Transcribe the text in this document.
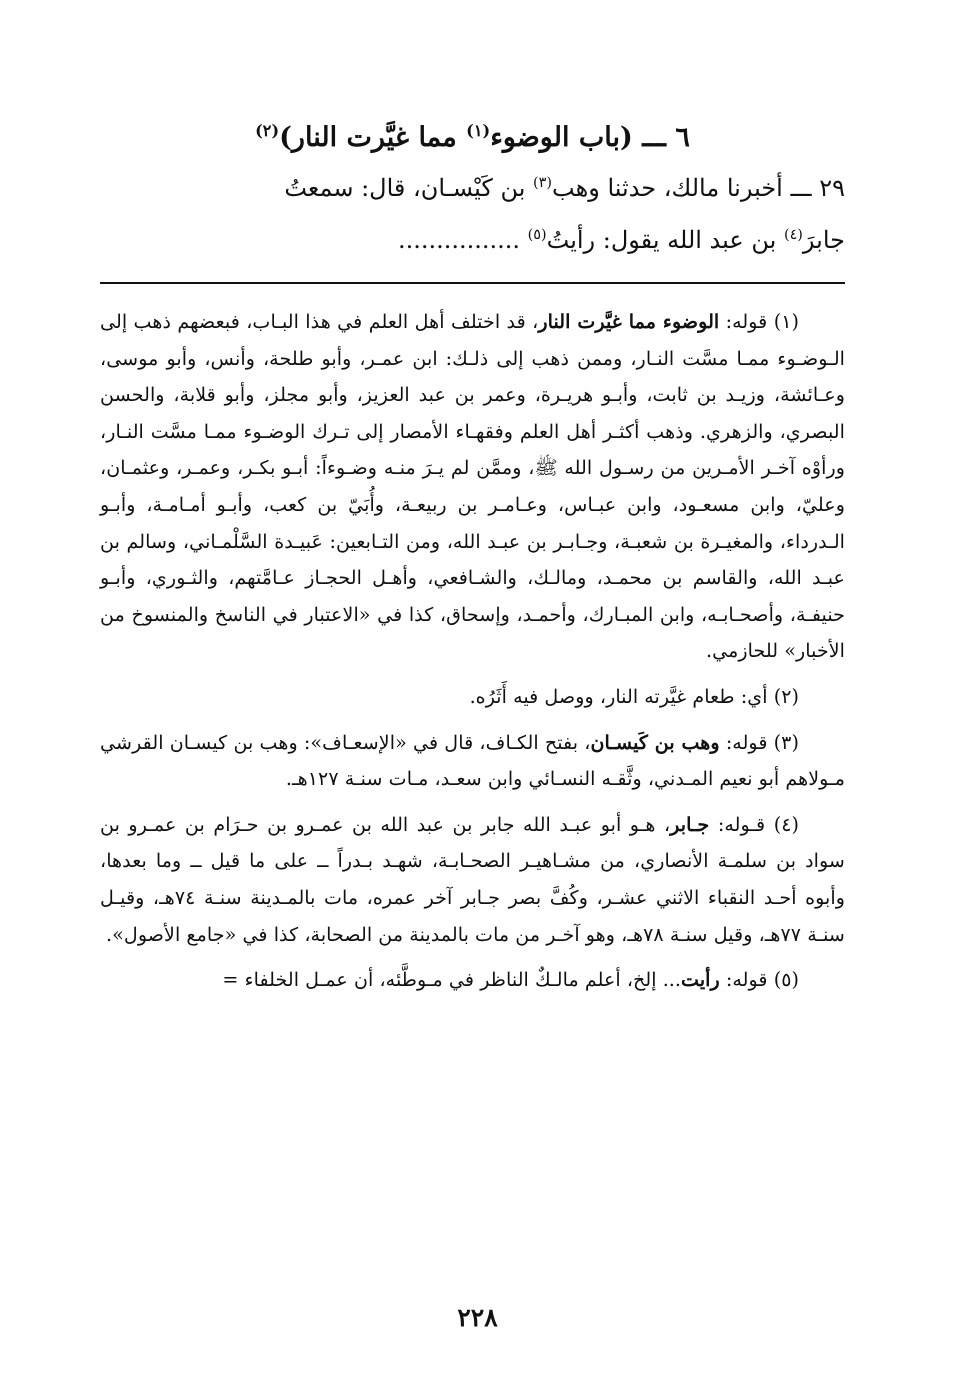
٦ ـــ (باب الوضوء$^{(١)}$ مما غيَّرت النار)$^{(٢)}$
٢٩ ـــ أخبرنا مالك، حدثنا وهب$^{(٣)}$ بن كَيْسـان، قال: سمعتُ
جابرَ$^{(٤)}$ بن عبد الله يقول: رأيتُ$^{(٥)}$ ................

(١) قوله: الوضوء مما غيَّرت النار، قد اختلف أهل العلم في هذا البـاب، فبعضهم ذهب إلى الـوضـوء ممـا مسَّت النـار، وممن ذهب إلى ذلـك: ابن عمـر، وأبو طلحة، وأنس، وأبو موسى، وعـائشة، وزيـد بن ثابت، وأبـو هريـرة، وعمر بن عبد العزيز، وأبو مجلز، وأبو قلابة، والحسن البصري، والزهري. وذهب أكثـر أهل العلم وفقهـاء الأمصار إلى تـرك الوضـوء ممـا مسَّت النـار، ورأوْه آخـر الأمـرين من رسـول الله ﷺ، وممَّن لم يـرَ منـه وضـوءاً: أبـو بكـر، وعمـر، وعثمـان، وعليّ، وابن مسعـود، وابن عبـاس، وعـامـر بن ربيعـة، وأُبَيّ بن كعب، وأبـو أمـامـة، وأبـو الـدرداء، والمغيـرة بن شعبـة، وجـابـر بن عبـد الله، ومن التـابعين: عَبيـدة السَّلْمـاني، وسالم بن عبـد الله، والقاسم بن محمـد، ومالـك، والشـافعي، وأهـل الحجـاز عـامَّتهم، والثـوري، وأبـو حنيفـة، وأصحـابـه، وابن المبـارك، وأحمـد، وإسحاق، كذا في «الاعتبار في الناسخ والمنسوخ من الأخبار» للحازمي.

(٢) أي: طعام غيَّرته النار، ووصل فيه أَثَرُه.

(٣) قوله: وهب بن كَيسـان، بفتح الكـاف، قال في «الإسعـاف»: وهب بن كيسـان القرشي مـولاهم أبو نعيم المـدني، وثَّقـه النسـائي وابن سعـد، مـات سنـة ١٢٧هـ.

(٤) قـوله: جـابر، هـو أبو عبـد الله جابر بن عبد الله بن عمـرو بن حـرَام بن عمـرو بن سواد بن سلمـة الأنصاري، من مشـاهيـر الصحـابـة، شهـد بـدراً ــ على ما قيل ــ وما بعدها، وأبوه أحـد النقباء الاثني عشـر، وكُفَّ بصر جـابر آخر عمره، مات بالمـدينة سنـة ٧٤هـ، وقيـل سنـة ٧٧هـ، وقيل سنـة ٧٨هـ، وهو آخـر من مات بالمدينة من الصحابة، كذا في «جامع الأصول».

(٥) قوله: رأيت... إلخ، أعلم مالـكٌ الناظر في مـوطَّئه، أن عمـل الخلفاء =

٢٢٨
